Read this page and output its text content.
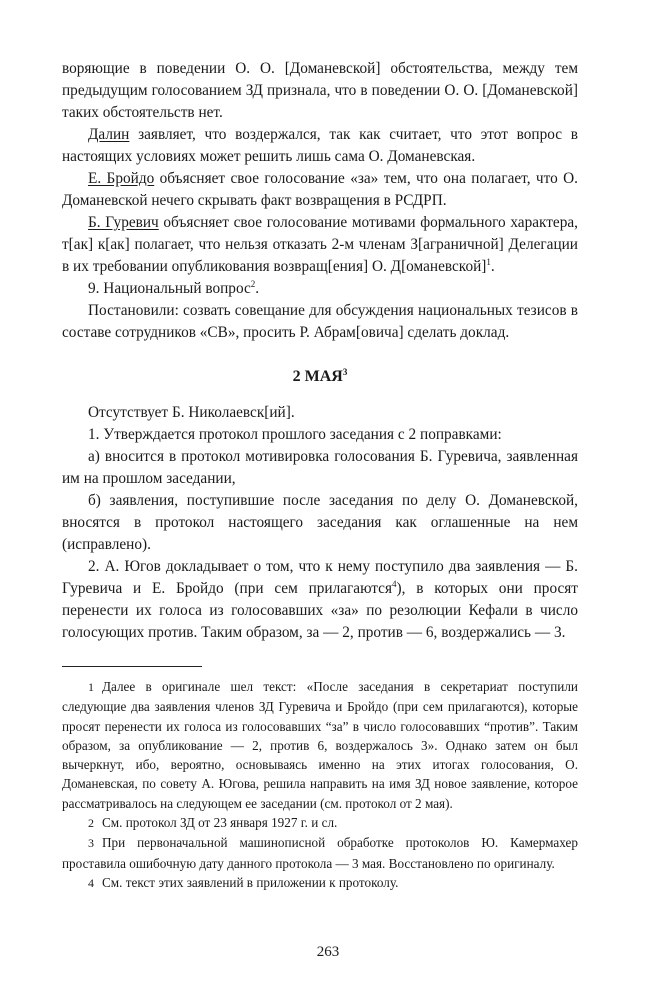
воряющие в поведении О. О. [Доманевской] обстоятельства, между тем предыдущим голосованием ЗД признала, что в поведении О. О. [Доманевской] таких обстоятельств нет.

Далин заявляет, что воздержался, так как считает, что этот вопрос в настоящих условиях может решить лишь сама О. Доманевская.

Е. Бройдо объясняет свое голосование «за» тем, что она полагает, что О. Доманевской нечего скрывать факт возвращения в РСДРП.

Б. Гуревич объясняет свое голосование мотивами формального характера, т[ак] к[ак] полагает, что нельзя отказать 2-м членам З[аграничной] Делегации в их требовании опубликования возвращ[ения] О. Д[оманевской]$^1$.

9. Национальный вопрос$^2$.

Постановили: созвать совещание для обсуждения национальных тезисов в составе сотрудников «СВ», просить Р. Абрам[овича] сделать доклад.

2 МАЯ$^3$

Отсутствует Б. Николаевск[ий].

1. Утверждается протокол прошлого заседания с 2 поправками:

а) вносится в протокол мотивировка голосования Б. Гуревича, заявленная им на прошлом заседании,

б) заявления, поступившие после заседания по делу О. Доманевской, вносятся в протокол настоящего заседания как оглашенные на нем (исправлено).

2. А. Югов докладывает о том, что к нему поступило два заявления — Б. Гуревича и Е. Бройдо (при сем прилагаются$^4$), в которых они просят перенести их голоса из голосовавших «за» по резолюции Кефали в число голосующих против. Таким образом, за — 2, против — 6, воздержались — 3.

1 Далее в оригинале шел текст: «После заседания в секретариат поступили следующие два заявления членов ЗД Гуревича и Бройдо (при сем прилагаются), которые просят перенести их голоса из голосовавших “за” в число голосовавших “против”. Таким образом, за опубликование — 2, против 6, воздержалось 3». Однако затем он был вычеркнут, ибо, вероятно, основываясь именно на этих итогах голосования, О. Доманевская, по совету А. Югова, решила направить на имя ЗД новое заявление, которое рассматривалось на следующем ее заседании (см. протокол от 2 мая).

2 См. протокол ЗД от 23 января 1927 г. и сл.

3 При первоначальной машинописной обработке протоколов Ю. Камермахер проставила ошибочную дату данного протокола — 3 мая. Восстановлено по оригиналу.

4 См. текст этих заявлений в приложении к протоколу.

263
